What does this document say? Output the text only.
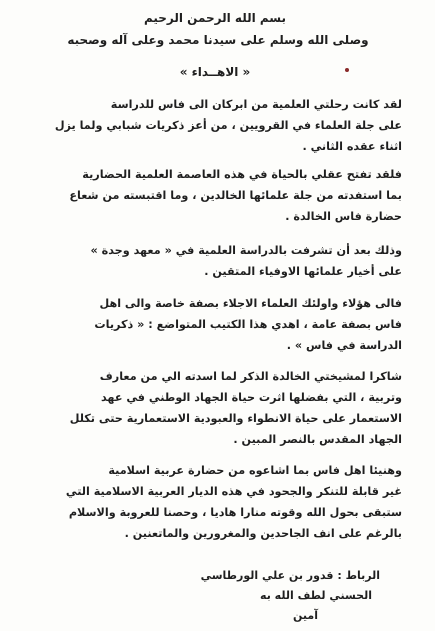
بسم الله الرحمن الرحيم
وصلى الله وسلم على سيدنا محمد وعلى آله وصحبه
« الاهــداء »
لقد كانت رحلتي العلمية من ابركان الى فاس للدراسة
على جلة العلماء في القرويين ، من أعز ذكريات شبابي ولما يزل
اثناء عقده الثاني .
فلقد تفتح عقلي بالحياة في هذه العاصمة العلمية الحضارية
بما استفدته من جلة علمائها الخالدين ، وما اقتبسته من شعاع
حضارة فاس الخالدة .
وذلك بعد أن تشرفت بالدراسة العلمية في « معهد وجدة »
على أخيار علمائها الاوفياء المتقين .
فالى هؤلاء واولئك العلماء الاجلاء بصفة خاصة والى اهل
فاس بصفة عامة ، اهدي هذا الكتيب المتواضع : « ذكريات
الدراسة في فاس » .
شاكرا لمشيختي الخالدة الذكر لما اسدته الي من معارف
وتربية ، التي بفضلها اثرت حياة الجهاد الوطني في عهد
الاستعمار على حياة الانطواء والعبودية الاستعمارية حتى تكلل
الجهاد المقدس بالنصر المبين .
وهنيئا اهل فاس بما اشاعوه من حضارة عربية اسلامية
غير قابلة للتنكر والجحود في هذه الديار العربية الاسلامية التي
ستبقى بحول الله وقوته منارا هاديا ، وحصنا للعروبة والاسلام
بالرغم على انف الجاحدين والمغرورين والماتعنين .
الرباط : قدور بن علي الورطاسي
الحسني لطف الله به
آمين
